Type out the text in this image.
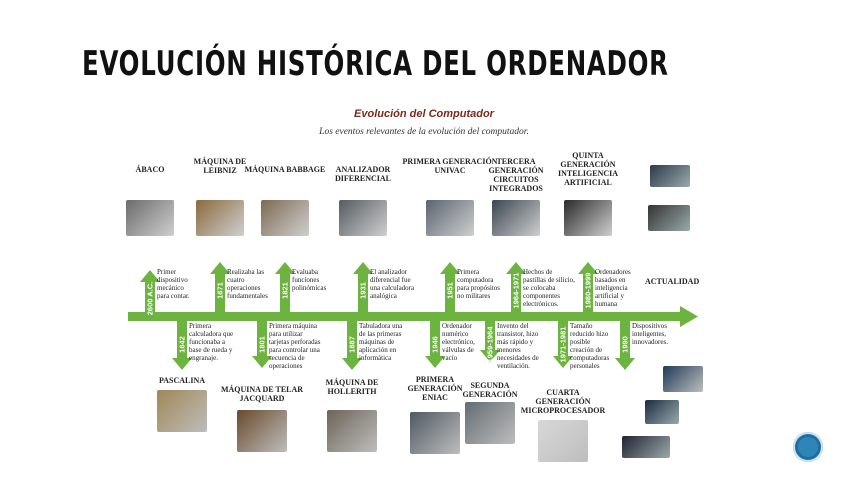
EVOLUCIÓN HISTÓRICA DEL ORDENADOR
Evolución del Computador
Los eventos relevantes de la evolución del computador.
2600 A.C.
ÁBACO
Primer
dispositivo
mecánico
para contar.	1671
MÁQUINA DE
LEIBNIZ
Realizaba las
cuatro
operaciones
fundamentales 1821
MÁQUINA BABBAGE
Evaluaba
funciones
polinómicas	1931
ANALIZADOR
DIFERENCIAL
El analizador
diferencial fue
una calculadora
analógica	1951
PRIMERA GENERACIÓN
UNIVAC
Primera
computadora
para propósitos
no militares	1964-1971
TERCERA
GENERACIÓN
CIRCUITOS
INTEGRADOS
Hechos de
pastillas de silicio,
se colocaba
componentes
electrónicos.	1980-1999
QUINTA
GENERACIÓN
INTELIGENCIA
ARTIFICIAL
Ordenadores
basados en
inteligencia
artificial y
humana
1642
Primera
calculadora que
funcionaba a
base de rueda y
engranaje.
PASCALINA
1801
Primera máquina
para utilizar
tarjetas perforadas
para controlar una
secuencia de
operaciones
MÁQUINA DE TELAR
JACQUARD
1887
Tabuladora una
de las primeras
máquinas de
aplicación en
informática
MÁQUINA DE
HOLLERITH
1946
Ordenador
numérico
electrónico,
válvulas de
vacío
PRIMERA
GENERACIÓN
ENIAC
1959-1964
Invento del
transistor, hizo
más rápido y
menores
necesidades de
ventilación.
SEGUNDA
GENERACIÓN
1971-1981
Tamaño
reducido hizo
posible
creación de
computadoras
personales
CUARTA
GENERACIÓN
MICROPROCESADOR
1990
Dispositivos
inteligentes,
innovadores.
ACTUALIDAD
